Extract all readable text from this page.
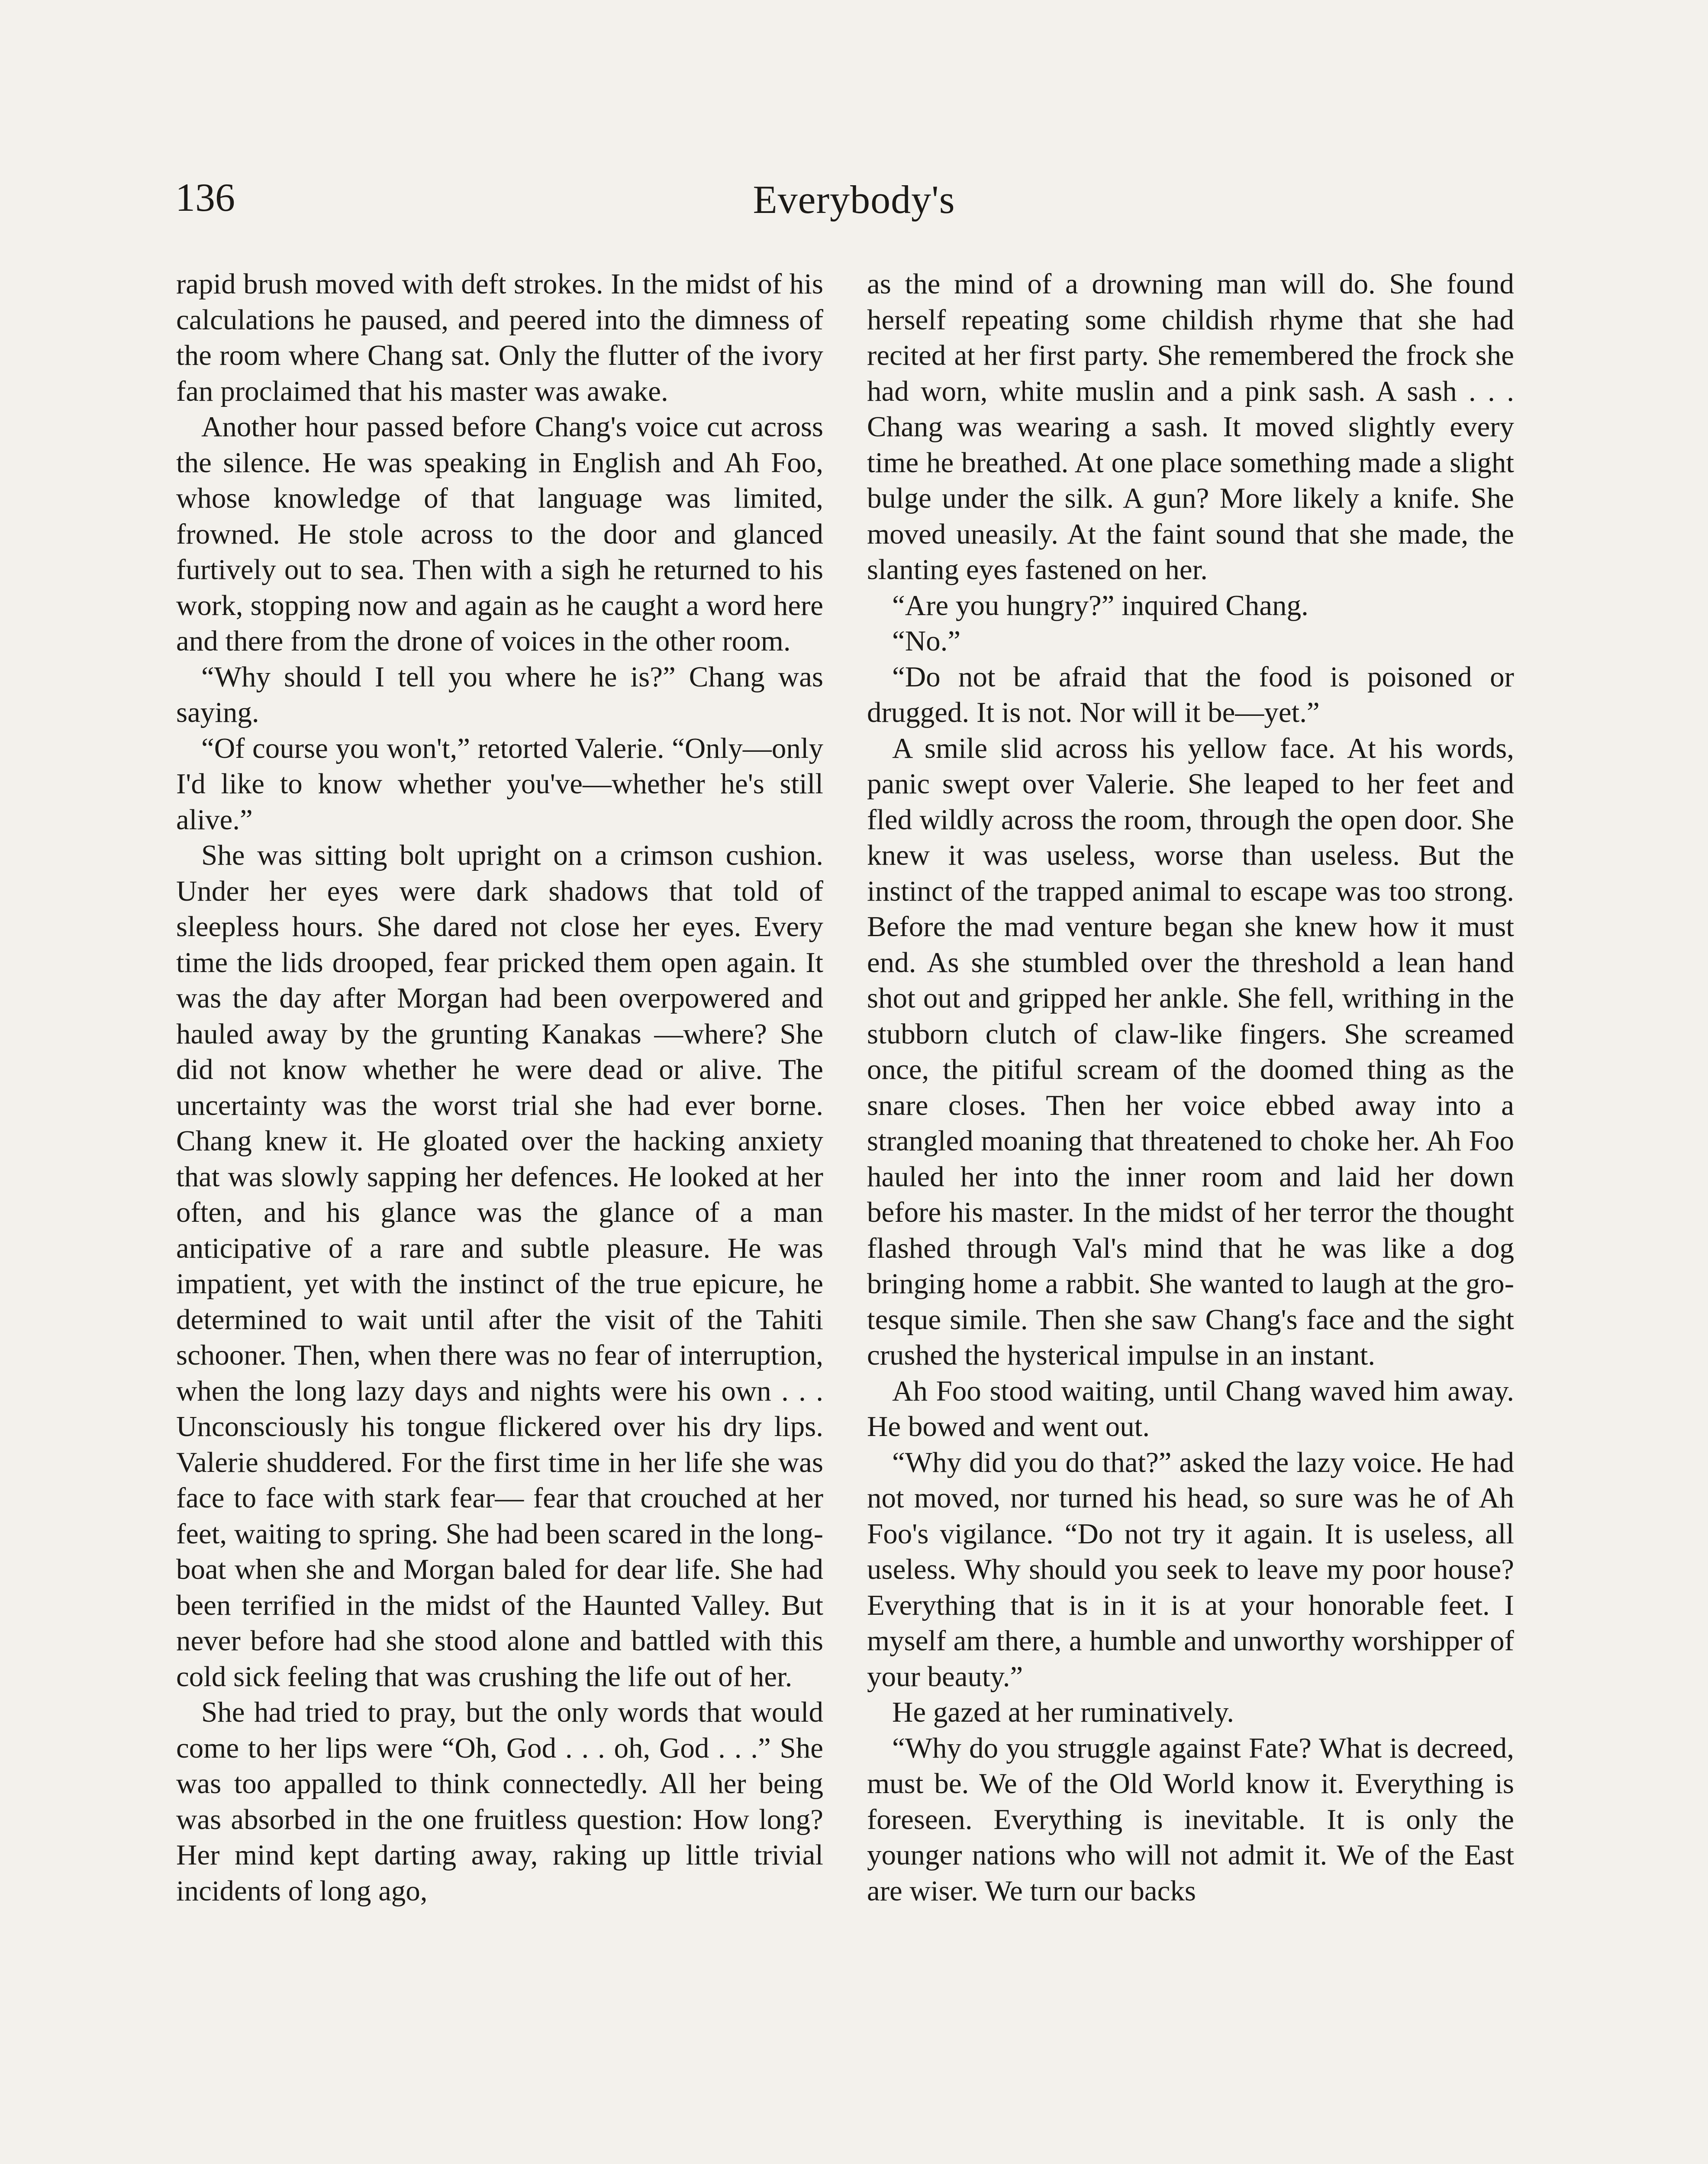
136	Everybody's

rapid brush moved with deft strokes. In the midst of his calculations he paused, and peered into the dimness of the room where Chang sat. Only the flutter of the ivory fan proclaimed that his master was awake.

Another hour passed before Chang's voice cut across the silence. He was speaking in English and Ah Foo, whose knowledge of that language was limited, frowned. He stole across to the door and glanced furtively out to sea. Then with a sigh he returned to his work, stopping now and again as he caught a word here and there from the drone of voices in the other room.

“Why should I tell you where he is?” Chang was saying.

“Of course you won't,” retorted Valerie. “Only—only I'd like to know whether you've—whether he's still alive.”

She was sitting bolt upright on a crimson cushion. Under her eyes were dark shadows that told of sleepless hours. She dared not close her eyes. Every time the lids drooped, fear pricked them open again. It was the day after Morgan had been overpowered and hauled away by the grunting Kanakas —where? She did not know whether he were dead or alive. The uncertainty was the worst trial she had ever borne. Chang knew it. He gloated over the hacking anxiety that was slowly sapping her defences. He looked at her often, and his glance was the glance of a man anticipative of a rare and subtle pleasure. He was impatient, yet with the instinct of the true epicure, he determined to wait until after the visit of the Tahiti schooner. Then, when there was no fear of interruption, when the long lazy days and nights were his own . . . Unconsciously his tongue flickered over his dry lips. Valerie shuddered. For the first time in her life she was face to face with stark fear— fear that crouched at her feet, waiting to spring. She had been scared in the longboat when she and Morgan baled for dear life. She had been terrified in the midst of the Haunted Valley. But never before had she stood alone and battled with this cold sick feeling that was crushing the life out of her.

She had tried to pray, but the only words that would come to her lips were “Oh, God . . . oh, God . . .” She was too appalled to think connectedly. All her being was absorbed in the one fruitless question: How long? Her mind kept darting away, raking up little trivial incidents of long ago,

as the mind of a drowning man will do. She found herself repeating some childish rhyme that she had recited at her first party. She remembered the frock she had worn, white muslin and a pink sash. A sash . . . Chang was wearing a sash. It moved slightly every time he breathed. At one place something made a slight bulge under the silk. A gun? More likely a knife. She moved uneasily. At the faint sound that she made, the slanting eyes fastened on her.

“Are you hungry?” inquired Chang.

“No.”

“Do not be afraid that the food is poisoned or drugged. It is not. Nor will it be—yet.”

A smile slid across his yellow face. At his words, panic swept over Valerie. She leaped to her feet and fled wildly across the room, through the open door. She knew it was useless, worse than useless. But the instinct of the trapped animal to escape was too strong. Before the mad venture began she knew how it must end. As she stumbled over the threshold a lean hand shot out and gripped her ankle. She fell, writhing in the stubborn clutch of claw-like fingers. She screamed once, the pitiful scream of the doomed thing as the snare closes. Then her voice ebbed away into a strangled moaning that threatened to choke her. Ah Foo hauled her into the inner room and laid her down before his master. In the midst of her terror the thought flashed through Val's mind that he was like a dog bringing home a rabbit. She wanted to laugh at the grotesque simile. Then she saw Chang's face and the sight crushed the hysterical impulse in an instant.

Ah Foo stood waiting, until Chang waved him away. He bowed and went out.

“Why did you do that?” asked the lazy voice. He had not moved, nor turned his head, so sure was he of Ah Foo's vigilance. “Do not try it again. It is useless, all useless. Why should you seek to leave my poor house? Everything that is in it is at your honorable feet. I myself am there, a humble and unworthy worshipper of your beauty.”

He gazed at her ruminatively.

“Why do you struggle against Fate? What is decreed, must be. We of the Old World know it. Everything is foreseen. Everything is inevitable. It is only the younger nations who will not admit it. We of the East are wiser. We turn our backs
